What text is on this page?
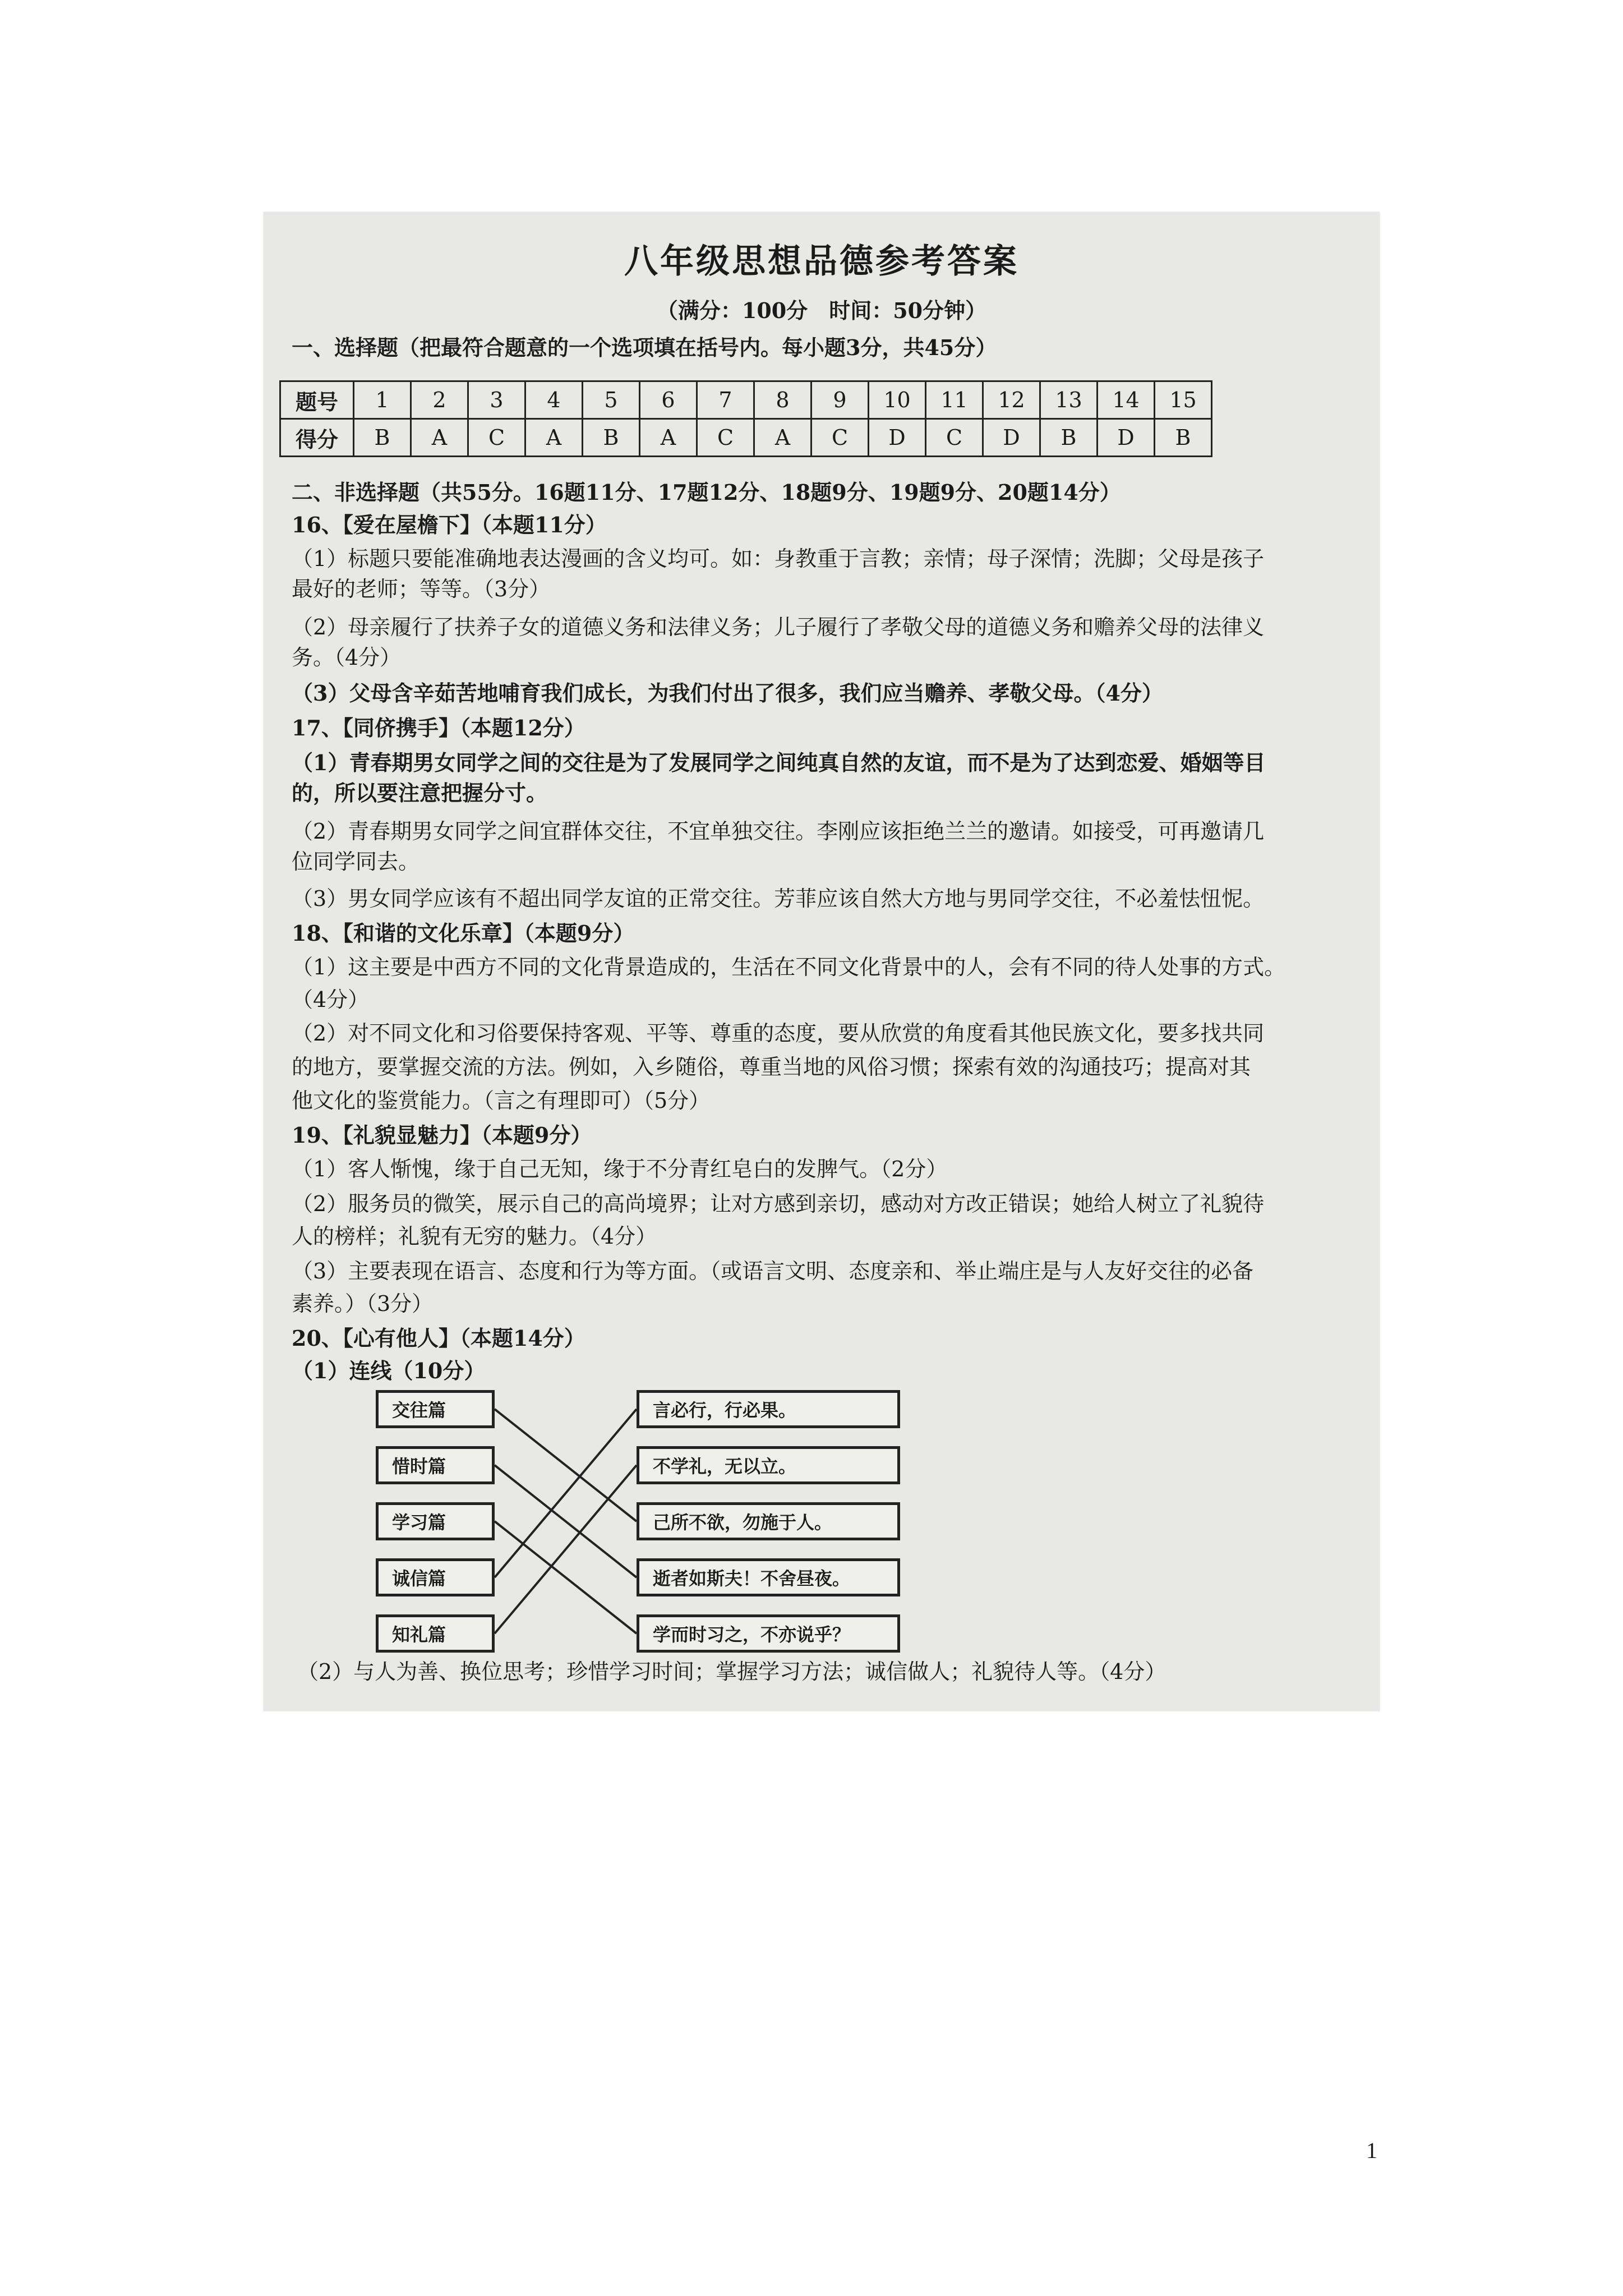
八年级思想品德参考答案
（满分：100分　时间：50分钟）
一、选择题（把最符合题意的一个选项填在括号内。每小题3分，共45分）
题号	1	2	3	4	5	6	7	8	9	10	11	12	13	14	15
得分	B	A	C	A	B	A	C	A	C	D	C	D	B	D	B
二、非选择题（共55分。16题11分、17题12分、18题9分、19题9分、20题14分）
16、【爱在屋檐下】（本题11分）
（1）标题只要能准确地表达漫画的含义均可。如：身教重于言教；亲情；母子深情；洗脚；父母是孩子
最好的老师；等等。（3分）
（2）母亲履行了扶养子女的道德义务和法律义务；儿子履行了孝敬父母的道德义务和赡养父母的法律义
务。（4分）
（3）父母含辛茹苦地哺育我们成长，为我们付出了很多，我们应当赡养、孝敬父母。（4分）
17、【同侪携手】（本题12分）
（1）青春期男女同学之间的交往是为了发展同学之间纯真自然的友谊，而不是为了达到恋爱、婚姻等目
的，所以要注意把握分寸。
（2）青春期男女同学之间宜群体交往，不宜单独交往。李刚应该拒绝兰兰的邀请。如接受，可再邀请几
位同学同去。
（3）男女同学应该有不超出同学友谊的正常交往。芳菲应该自然大方地与男同学交往，不必羞怯忸怩。
18、【和谐的文化乐章】（本题9分）
（1）这主要是中西方不同的文化背景造成的，生活在不同文化背景中的人，会有不同的待人处事的方式。
（4分）
（2）对不同文化和习俗要保持客观、平等、尊重的态度，要从欣赏的角度看其他民族文化，要多找共同
的地方，要掌握交流的方法。例如，入乡随俗，尊重当地的风俗习惯；探索有效的沟通技巧；提高对其
他文化的鉴赏能力。（言之有理即可）（5分）
19、【礼貌显魅力】（本题9分）
（1）客人惭愧，缘于自己无知，缘于不分青红皂白的发脾气。（2分）
（2）服务员的微笑，展示自己的高尚境界；让对方感到亲切，感动对方改正错误；她给人树立了礼貌待
人的榜样；礼貌有无穷的魅力。（4分）
（3）主要表现在语言、态度和行为等方面。（或语言文明、态度亲和、举止端庄是与人友好交往的必备
素养。）（3分）
20、【心有他人】（本题14分）
（1）连线（10分）
交往篇
惜时篇
学习篇
诚信篇
知礼篇
言必行，行必果。
不学礼，无以立。
己所不欲，勿施于人。
逝者如斯夫！不舍昼夜。
学而时习之，不亦说乎？
（2）与人为善、换位思考；珍惜学习时间；掌握学习方法；诚信做人；礼貌待人等。（4分）
1
